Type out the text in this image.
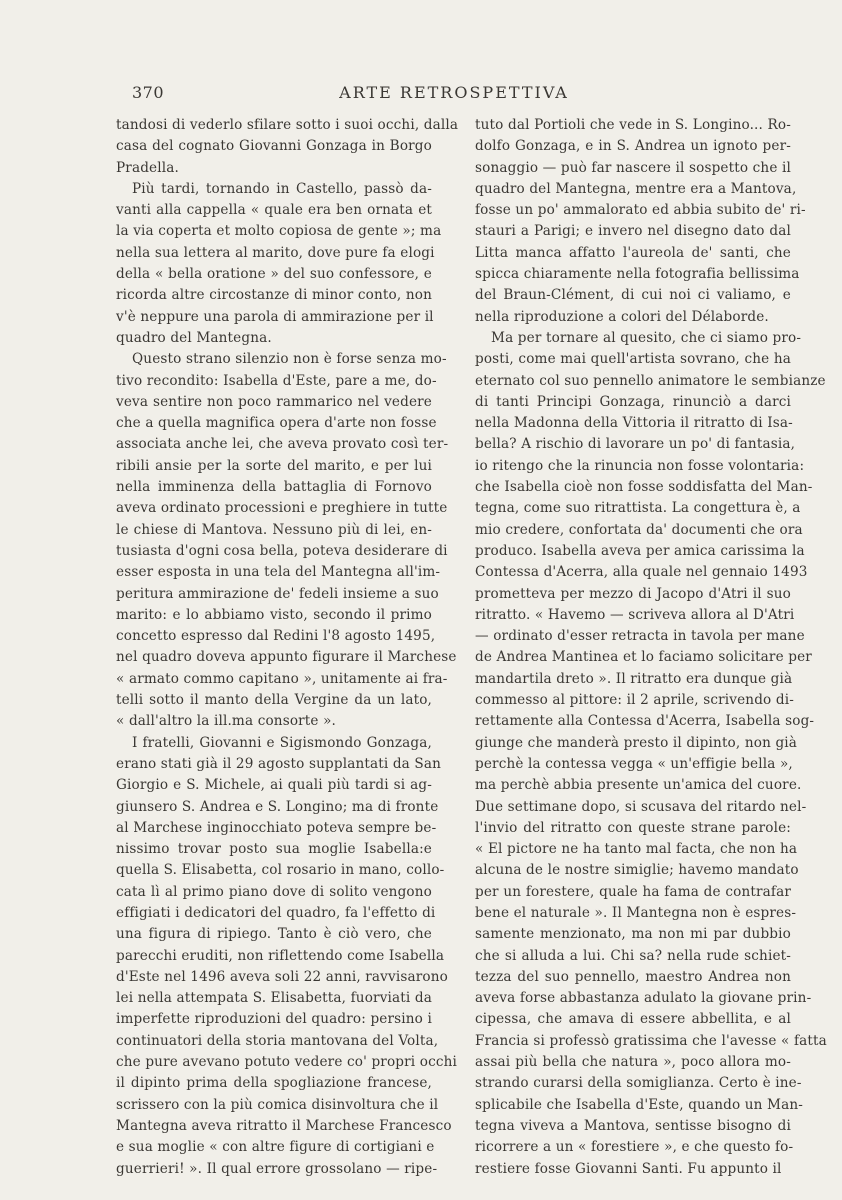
370	ARTE RETROSPETTIVA
tandosi di vederlo sfilare sotto i suoi occhi, dalla
casa del cognato Giovanni Gonzaga in Borgo
Pradella.
Più tardi, tornando in Castello, passò da-
vanti alla cappella « quale era ben ornata et
la via coperta et molto copiosa de gente »; ma
nella sua lettera al marito, dove pure fa elogi
della « bella oratione » del suo confessore, e
ricorda altre circostanze di minor conto, non
v'è neppure una parola di ammirazione per il
quadro del Mantegna.
Questo strano silenzio non è forse senza mo-
tivo recondito: Isabella d'Este, pare a me, do-
veva sentire non poco rammarico nel vedere
che a quella magnifica opera d'arte non fosse
associata anche lei, che aveva provato così ter-
ribili ansie per la sorte del marito, e per lui
nella imminenza della battaglia di Fornovo
aveva ordinato processioni e preghiere in tutte
le chiese di Mantova. Nessuno più di lei, en-
tusiasta d'ogni cosa bella, poteva desiderare di
esser esposta in una tela del Mantegna all'im-
peritura ammirazione de' fedeli insieme a suo
marito: e lo abbiamo visto, secondo il primo
concetto espresso dal Redini l'8 agosto 1495,
nel quadro doveva appunto figurare il Marchese
« armato commo capitano », unitamente ai fra-
telli sotto il manto della Vergine da un lato,
« dall'altro la ill.ma consorte ».
I fratelli, Giovanni e Sigismondo Gonzaga,
erano stati già il 29 agosto supplantati da San
Giorgio e S. Michele, ai quali più tardi si ag-
giunsero S. Andrea e S. Longino; ma di fronte
al Marchese inginocchiato poteva sempre be-
nissimo trovar posto sua moglie Isabella:e
quella S. Elisabetta, col rosario in mano, collo-
cata lì al primo piano dove di solito vengono
effigiati i dedicatori del quadro, fa l'effetto di
una figura di ripiego. Tanto è ciò vero, che
parecchi eruditi, non riflettendo come Isabella
d'Este nel 1496 aveva soli 22 anni, ravvisarono
lei nella attempata S. Elisabetta, fuorviati da
imperfette riproduzioni del quadro: persino i
continuatori della storia mantovana del Volta,
che pure avevano potuto vedere co' propri occhi
il dipinto prima della spogliazione francese,
scrissero con la più comica disinvoltura che il
Mantegna aveva ritratto il Marchese Francesco
e sua moglie « con altre figure di cortigiani e
guerrieri! ». Il qual errore grossolano — ripe-
tuto dal Portioli che vede in S. Longino... Ro-
dolfo Gonzaga, e in S. Andrea un ignoto per-
sonaggio — può far nascere il sospetto che il
quadro del Mantegna, mentre era a Mantova,
fosse un po' ammalorato ed abbia subito de' ri-
stauri a Parigi; e invero nel disegno dato dal
Litta manca affatto l'aureola de' santi, che
spicca chiaramente nella fotografia bellissima
del Braun-Clément, di cui noi ci valiamo, e
nella riproduzione a colori del Délaborde.
Ma per tornare al quesito, che ci siamo pro-
posti, come mai quell'artista sovrano, che ha
eternato col suo pennello animatore le sembianze
di tanti Principi Gonzaga, rinunciò a darci
nella Madonna della Vittoria il ritratto di Isa-
bella? A rischio di lavorare un po' di fantasia,
io ritengo che la rinuncia non fosse volontaria:
che Isabella cioè non fosse soddisfatta del Man-
tegna, come suo ritrattista. La congettura è, a
mio credere, confortata da' documenti che ora
produco. Isabella aveva per amica carissima la
Contessa d'Acerra, alla quale nel gennaio 1493
prometteva per mezzo di Jacopo d'Atri il suo
ritratto. « Havemo — scriveva allora al D'Atri
— ordinato d'esser retracta in tavola per mane
de Andrea Mantinea et lo faciamo solicitare per
mandartila dreto ». Il ritratto era dunque già
commesso al pittore: il 2 aprile, scrivendo di-
rettamente alla Contessa d'Acerra, Isabella sog-
giunge che manderà presto il dipinto, non già
perchè la contessa vegga « un'effigie bella »,
ma perchè abbia presente un'amica del cuore.
Due settimane dopo, si scusava del ritardo nel-
l'invio del ritratto con queste strane parole:
« El pictore ne ha tanto mal facta, che non ha
alcuna de le nostre simiglie; havemo mandato
per un forestere, quale ha fama de contrafar
bene el naturale ». Il Mantegna non è espres-
samente menzionato, ma non mi par dubbio
che si alluda a lui. Chi sa? nella rude schiet-
tezza del suo pennello, maestro Andrea non
aveva forse abbastanza adulato la giovane prin-
cipessa, che amava di essere abbellita, e al
Francia si professò gratissima che l'avesse « fatta
assai più bella che natura », poco allora mo-
strando curarsi della somiglianza. Certo è ine-
splicabile che Isabella d'Este, quando un Man-
tegna viveva a Mantova, sentisse bisogno di
ricorrere a un « forestiere », e che questo fo-
restiere fosse Giovanni Santi. Fu appunto il
